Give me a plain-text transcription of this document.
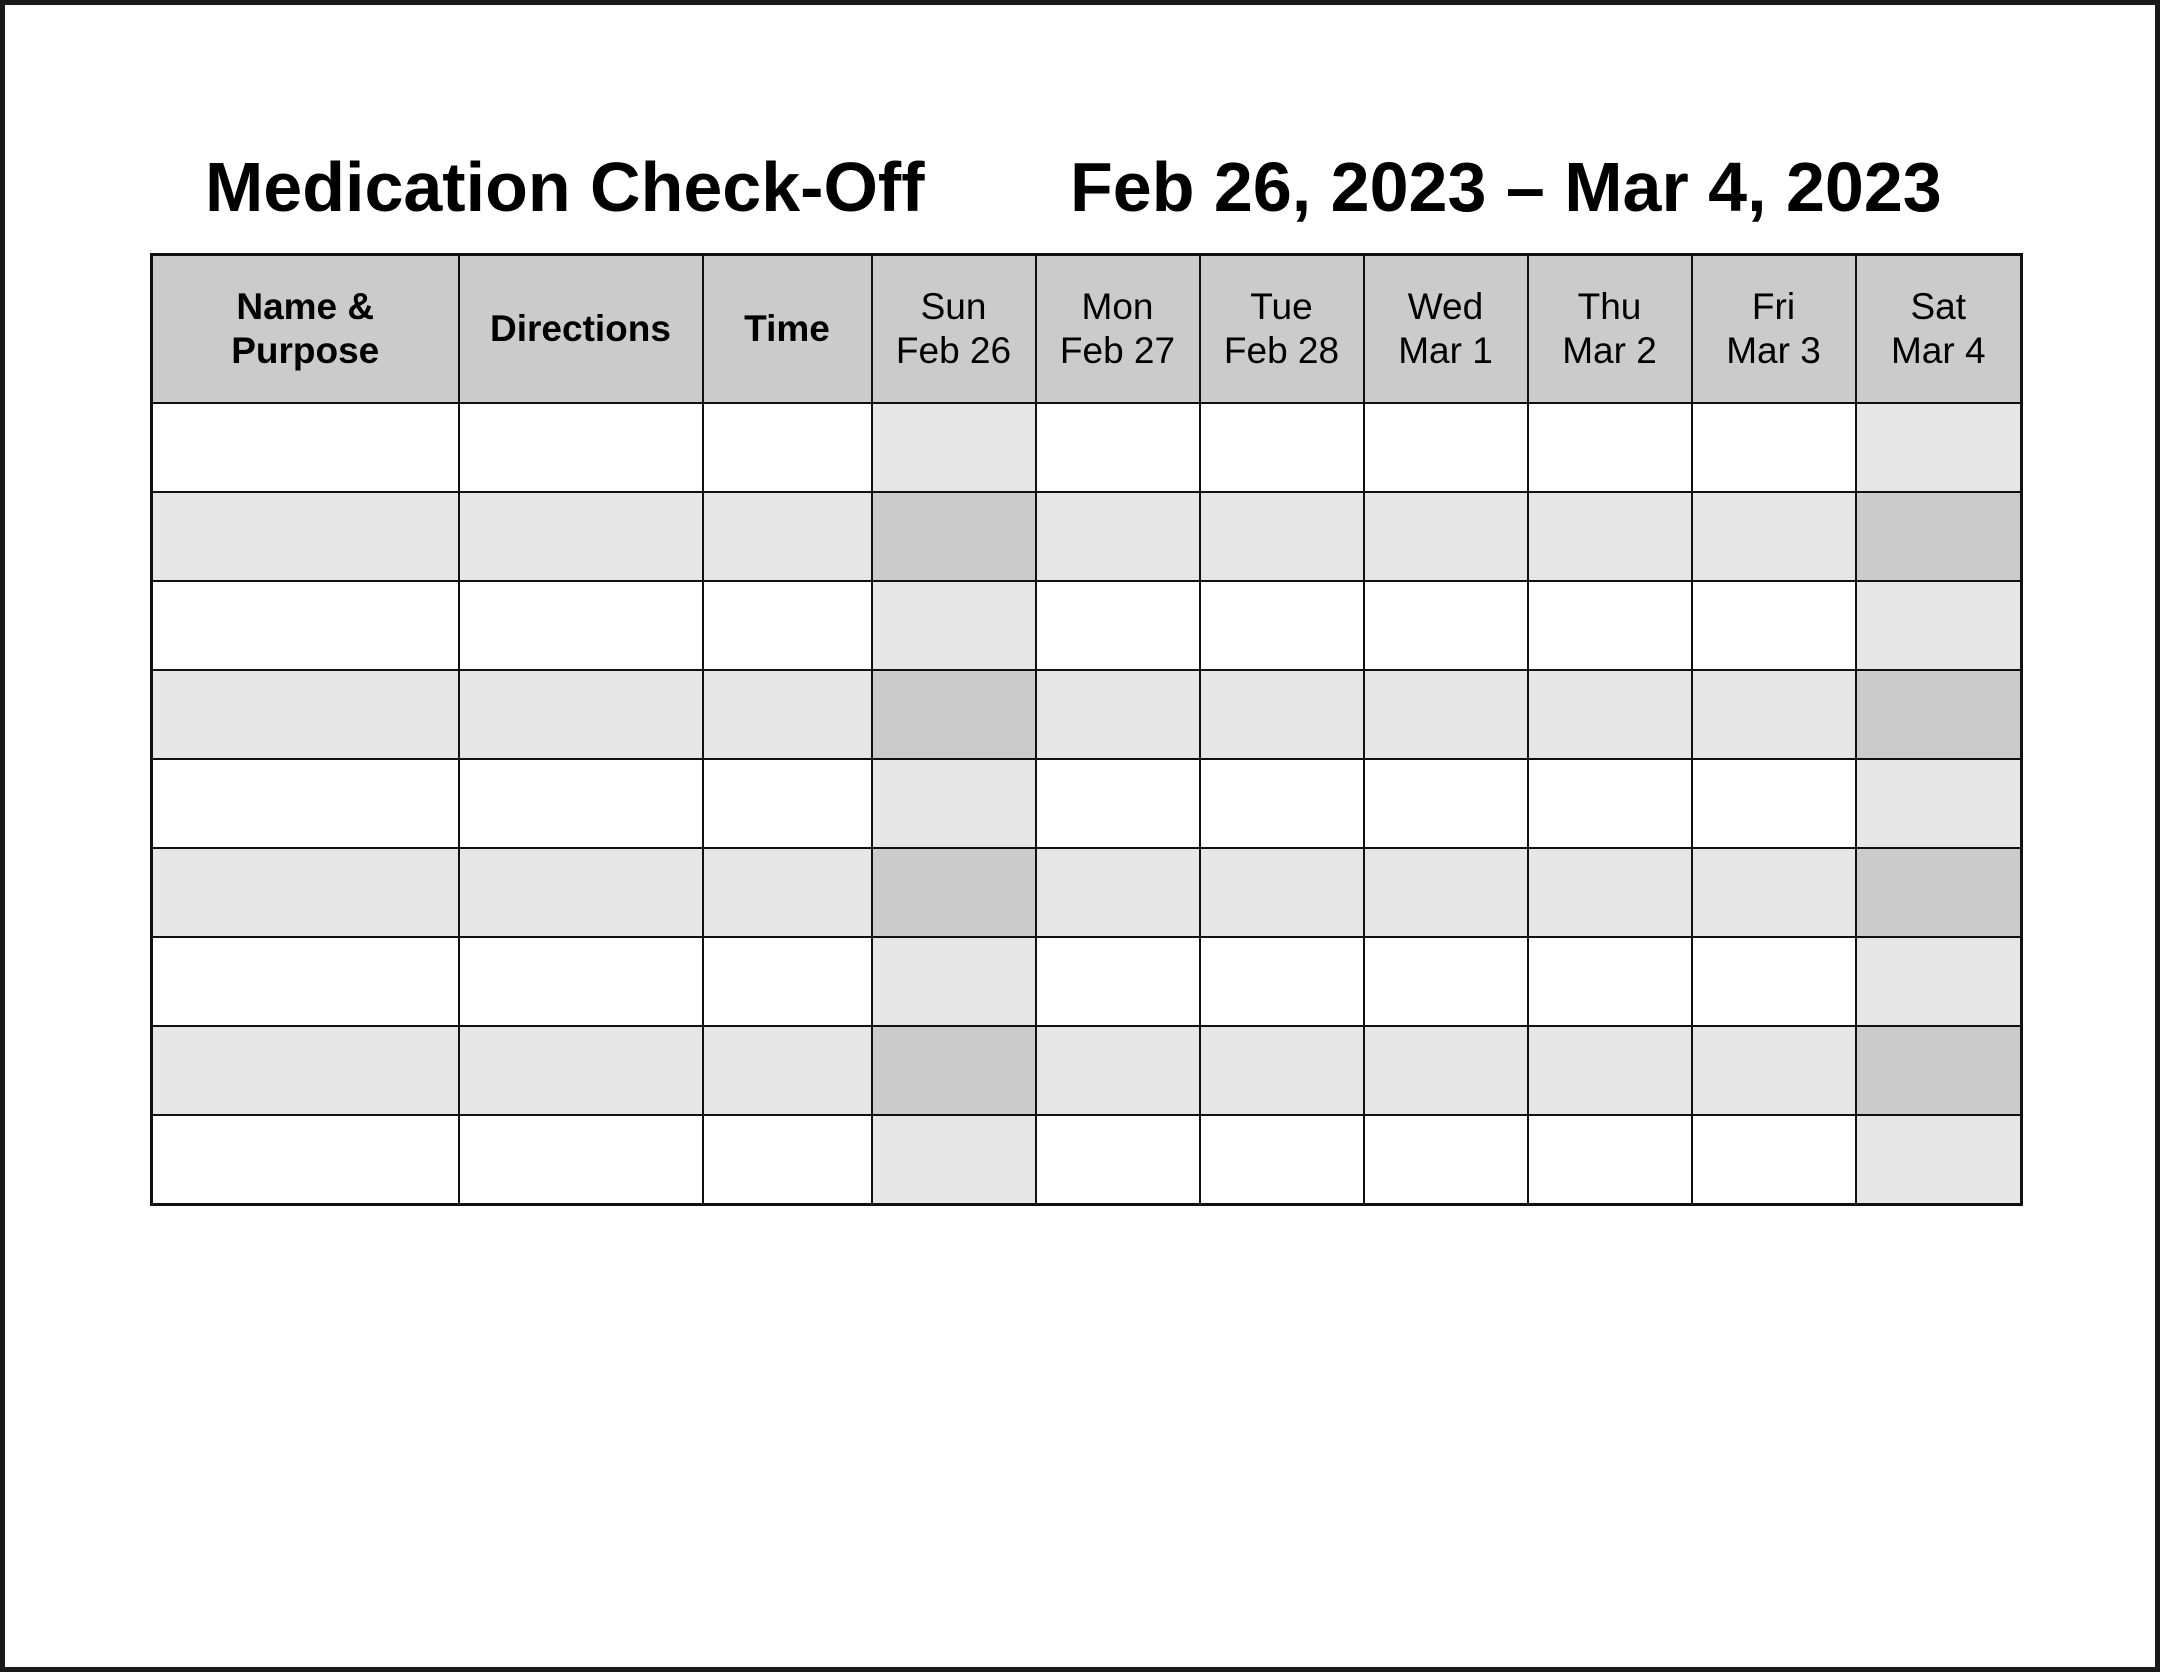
Medication Check-Off Feb 26, 2023 – Mar 4, 2023
Name &
Purpose	Directions	Time	Sun
Feb 26	Mon
Feb 27	Tue
Feb 28	Wed
Mar 1	Thu
Mar 2	Fri
Mar 3	Sat
Mar 4
